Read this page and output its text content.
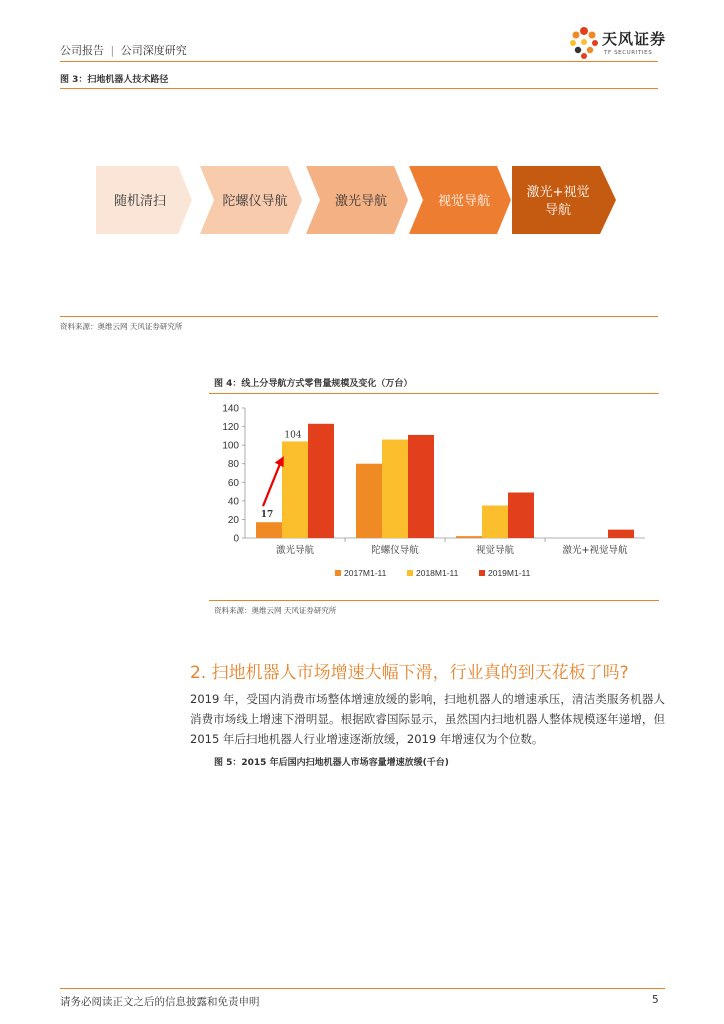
公司报告 | 公司深度研究
天风证券
TF SECURITIES
图 3：扫地机器人技术路径
随机清扫	陀螺仪导航	激光导航	视觉导航
激光+视觉
导航
资料来源：奥维云网 天风证券研究所
图 4：线上分导航方式零售量规模及变化（万台）
0
20
40
60
80
100
120
140
激光导航	陀螺仪导航	视觉导航	激光+视觉导航
17
104
2017M1-11	2018M1-11	2019M1-11
资料来源：奥维云网 天风证券研究所
2. 扫地机器人市场增速大幅下滑，行业真的到天花板了吗?
2019 年，受国内消费市场整体增速放缓的影响，扫地机器人的增速承压，清洁类服务机器人消费市场线上增速下滑明显。根据欧睿国际显示，虽然国内扫地机器人整体规模逐年递增，但 2015 年后扫地机器人行业增速逐渐放缓，2019 年增速仅为个位数。
图 5：2015 年后国内扫地机器人市场容量增速放缓(千台)
请务必阅读正文之后的信息披露和免责申明	5
